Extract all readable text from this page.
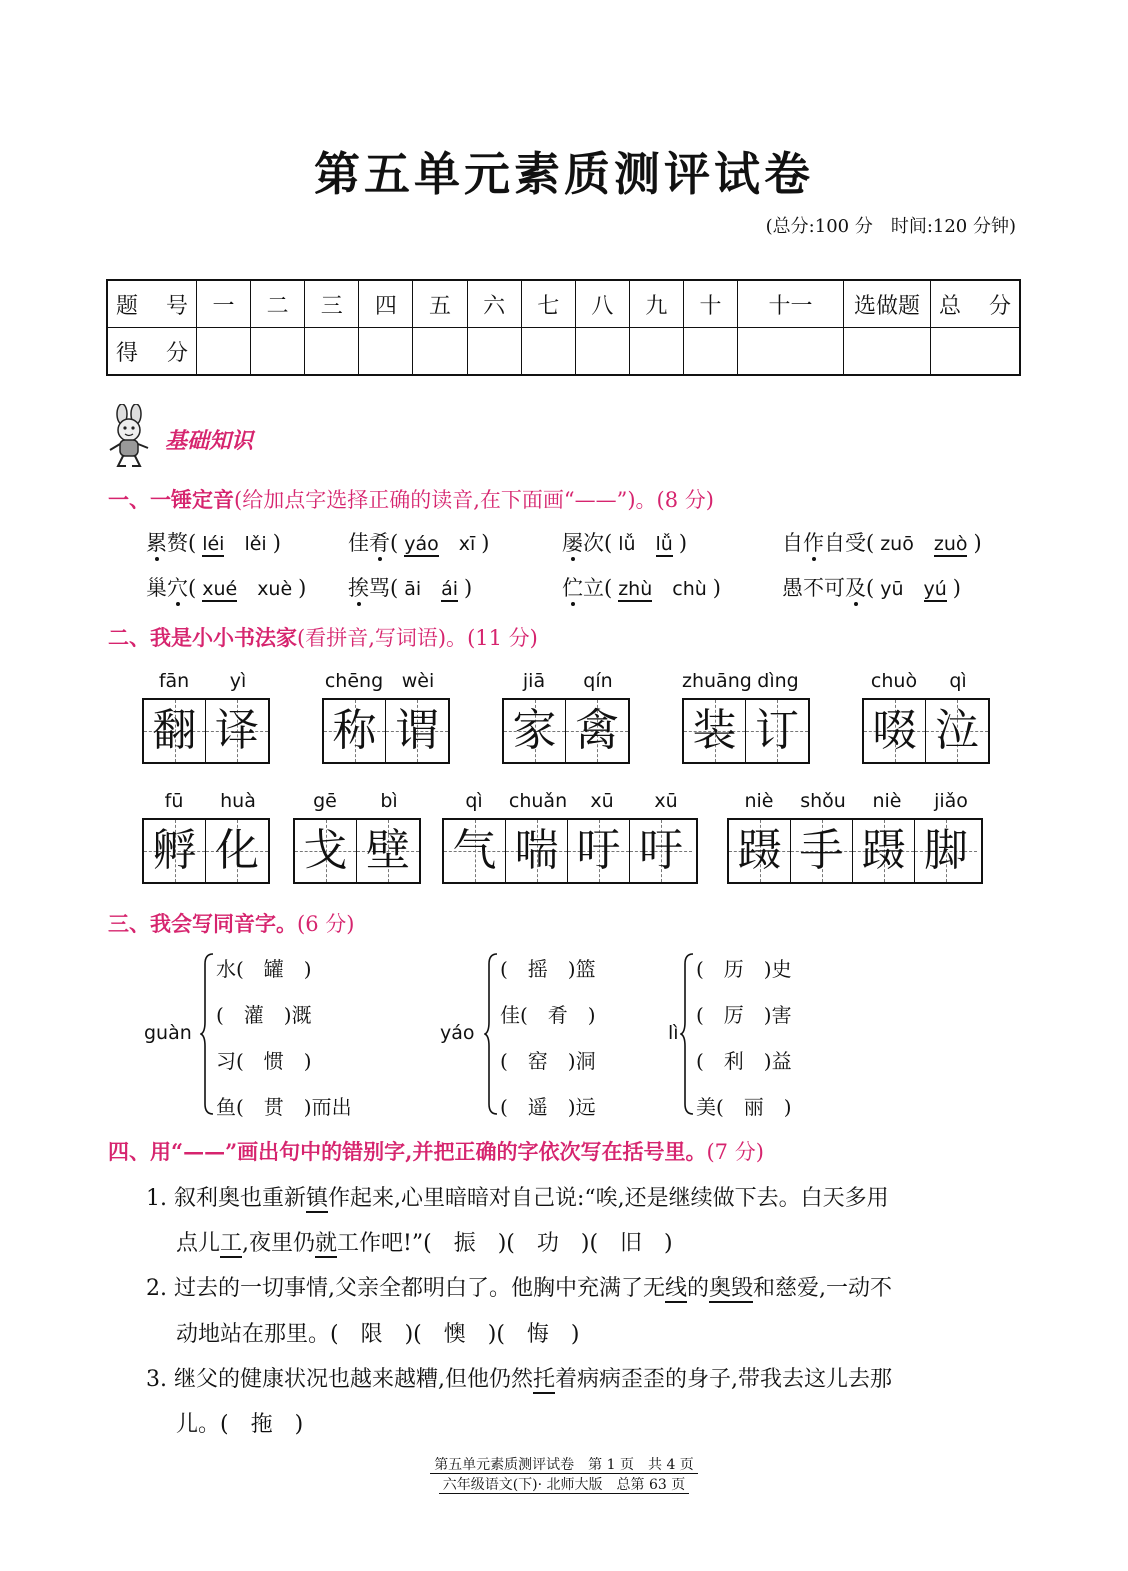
第五单元素质测评试卷
(总分:100 分　时间:120 分钟)
题号	一	二	三	四	五	六	七	八	九	十	十一	选做题	总分
得分													
基础知识
一、一锤定音(给加点字选择正确的读音,在下面画“——”)。(8 分)
累赘( léi lěi )	佳肴( yáo xī )	屡次( lǚ lǚ )	自作自受( zuō zuò )
巢穴( xué xuè ) 挨骂( āi ái )	伫立( zhù chù )	愚不可及( yū yú )
二、我是小小书法家(看拼音,写词语)。(11 分)
fān	yì
翻 译
chēng wèi
称 谓
jiā	qín
家 禽
zhuāng dìng
装 订
chuò	qì
啜 泣
fū	huà
孵 化
gē	bì
戈 壁
qì	chuǎn	xū	xū
气 喘 吁 吁
niè	shǒu	niè	jiǎo
蹑 手 蹑 脚
三、我会写同音字。(6 分)
guàn
水(　罐　)
(　灌　)溉
习(　惯　)
鱼(　贯　)而出
yáo
(　摇　)篮
佳(　肴　)
(　窑　)洞
(　遥　)远
lì
(　历　)史
(　厉　)害
(　利　)益
美(　丽　)
四、用“——”画出句中的错别字,并把正确的字依次写在括号里。(7 分)
1. 叙利奥也重新镇作起来,心里暗暗对自己说:“唉,还是继续做下去。白天多用
点儿工,夜里仍就工作吧!”(　振　)(　功　)(　旧　)
2. 过去的一切事情,父亲全都明白了。他胸中充满了无线的奥毁和慈爱,一动不
动地站在那里。(　限　)(　懊　)(　悔　)
3. 继父的健康状况也越来越糟,但他仍然托着病病歪歪的身子,带我去这儿去那
儿。(　拖　)
第五单元素质测评试卷　第 1 页　共 4 页
六年级语文(下)· 北师大版　总第 63 页
